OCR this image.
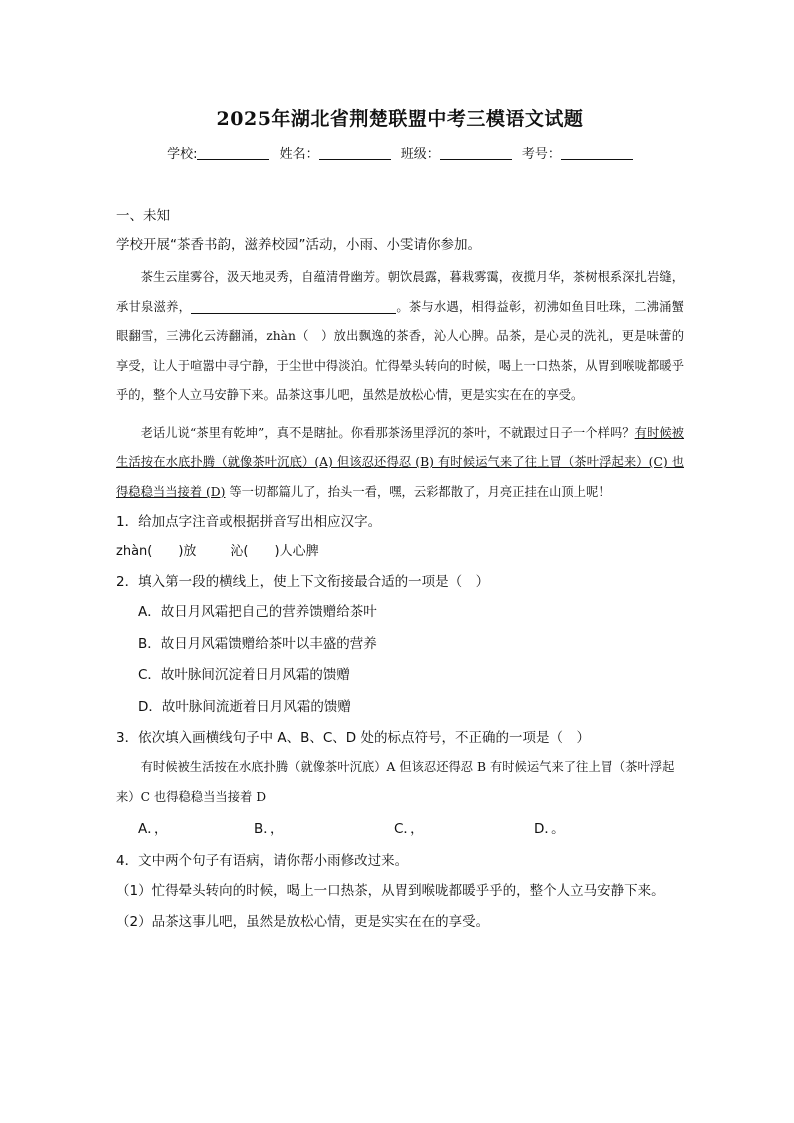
2025年湖北省荆楚联盟中考三模语文试题
学校:	姓名：	班级：	考号：
一、未知
学校开展“茶香书韵，滋养校园”活动，小雨、小雯请你参加。

茶生云崖雾谷，汲天地灵秀，自蕴清骨幽芳。朝饮晨露，暮栽雾霭，夜揽月华，茶树根系深扎岩缝，承甘泉滋养，	。茶与水遇，相得益彰，初沸如鱼目吐珠，二沸涌蟹眼翻雪，三沸化云涛翻涌，zhàn（　）放出飘逸的茶香，沁人心脾。品茶，是心灵的洗礼，更是味蕾的享受，让人于喧嚣中寻宁静，于尘世中得淡泊。忙得晕头转向的时候，喝上一口热茶，从胃到喉咙都暖乎乎的，整个人立马安静下来。品茶这事儿吧，虽然是放松心情，更是实实在在的享受。

老话儿说“茶里有乾坤”，真不是瞎扯。你看那茶汤里浮沉的茶叶，不就跟过日子一个样吗？有时候被生活按在水底扑腾（就像茶叶沉底）(A) 但该忍还得忍 (B) 有时候运气来了往上冒（茶叶浮起来）(C) 也得稳稳当当接着 (D) 等一切都篇儿了，抬头一看，嘿，云彩都散了，月亮正挂在山顶上呢！

1．给加点字注音或根据拼音写出相应汉字。
zhàn( )放	沁( )人心脾
2．填入第一段的横线上，使上下文衔接最合适的一项是（　）
A．故日月风霜把自己的营养馈赠给茶叶
B．故日月风霜馈赠给茶叶以丰盛的营养
C．故叶脉间沉淀着日月风霜的馈赠
D．故叶脉间流逝着日月风霜的馈赠
3．依次填入画横线句子中 A、B、C、D 处的标点符号，不正确的一项是（　）
有时候被生活按在水底扑腾（就像茶叶沉底）A 但该忍还得忍 B 有时候运气来了往上冒（茶叶浮起来）C 也得稳稳当当接着 D
A．，	B．，	C．，	D．。
4．文中两个句子有语病，请你帮小雨修改过来。
（1）忙得晕头转向的时候，喝上一口热茶，从胃到喉咙都暖乎乎的，整个人立马安静下来。
（2）品茶这事儿吧，虽然是放松心情，更是实实在在的享受。
